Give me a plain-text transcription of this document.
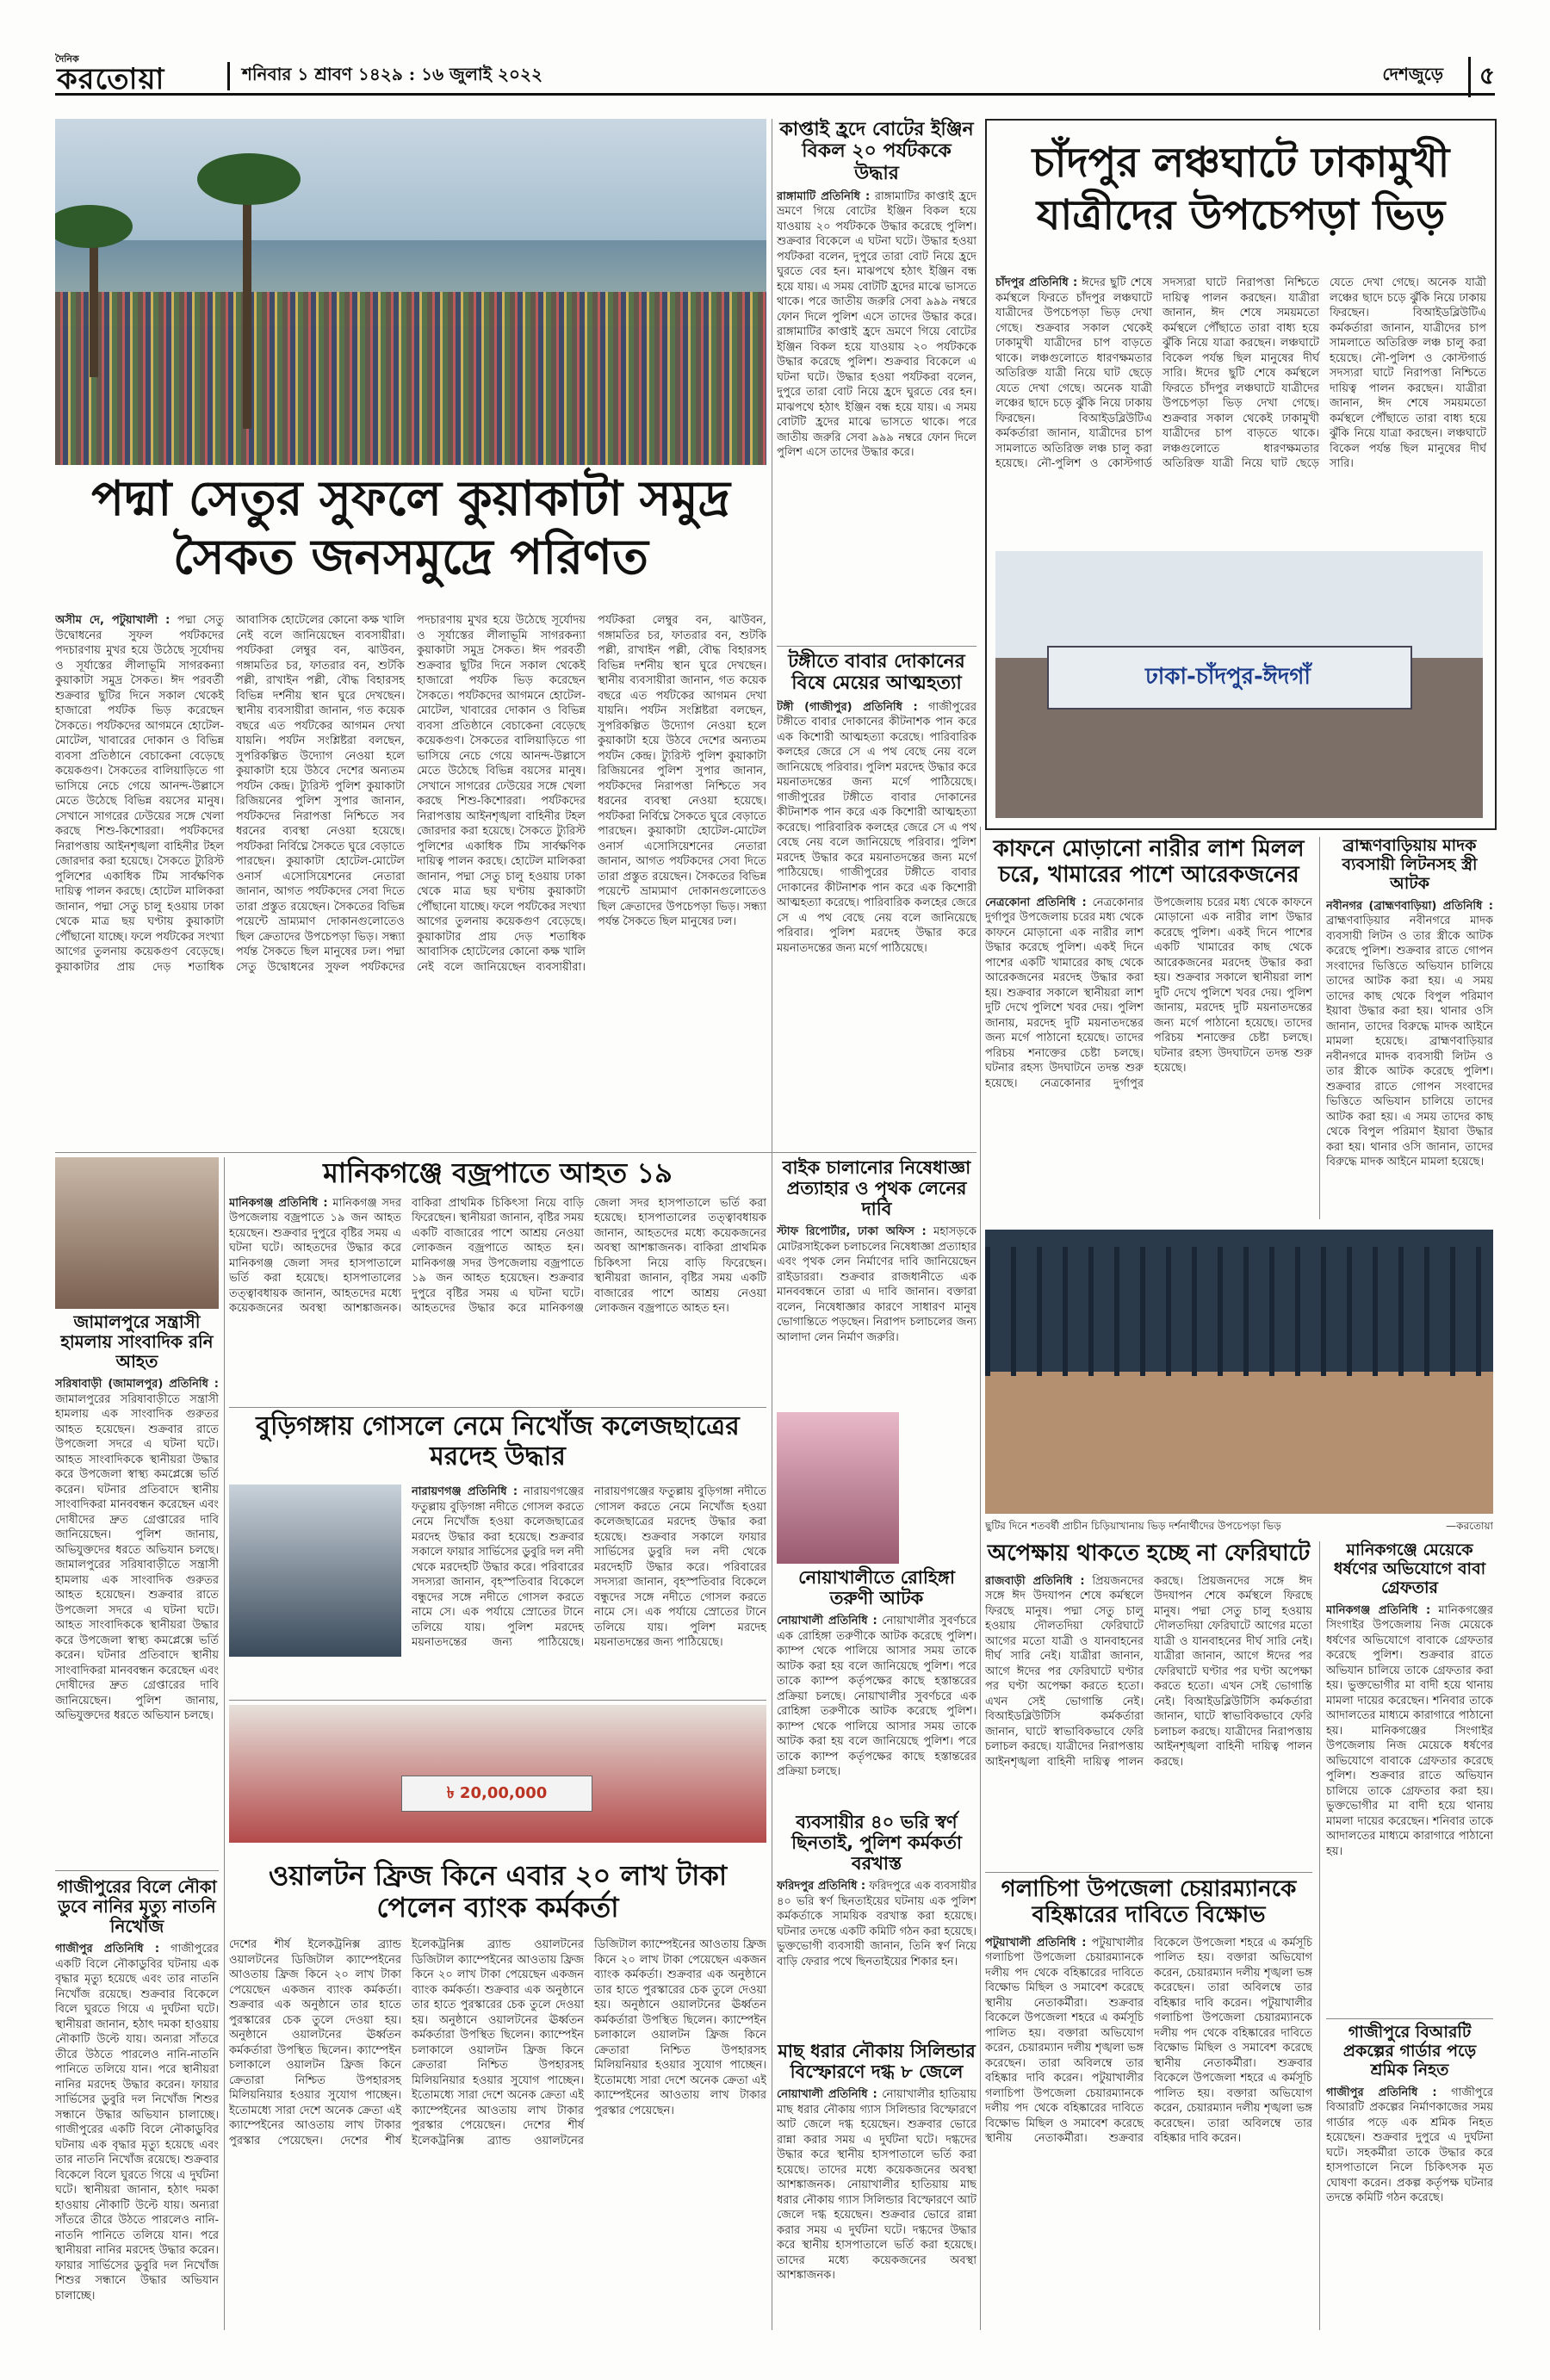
দৈনিক
করতোয়া	শনিবার ১ শ্রাবণ ১৪২৯ : ১৬ জুলাই ২০২২	দেশজুড়ে	৫
পদ্মা সেতুর সুফলে কুয়াকাটা সমুদ্র
সৈকত জনসমুদ্রে পরিণত
অসীম দে, পটুয়াখালী : পদ্মা সেতু উদ্বোধনের সুফল পর্যটকদের পদচারণায় মুখর হয়ে উঠেছে সূর্যোদয় ও সূর্যাস্তের লীলাভূমি সাগরকন্যা কুয়াকাটা সমুদ্র সৈকত। ঈদ পরবর্তী শুক্রবার ছুটির দিনে সকাল থেকেই হাজারো পর্যটক ভিড় করেছেন সৈকতে। পর্যটকদের আগমনে হোটেল-মোটেল, খাবারের দোকান ও বিভিন্ন ব্যবসা প্রতিষ্ঠানে বেচাকেনা বেড়েছে কয়েকগুণ। সৈকতের বালিয়াড়িতে গা ভাসিয়ে নেচে গেয়ে আনন্দ-উল্লাসে মেতে উঠেছে বিভিন্ন বয়সের মানুষ। সেখানে সাগরের ঢেউয়ের সঙ্গে খেলা করছে শিশু-কিশোররা। পর্যটকদের নিরাপত্তায় আইনশৃঙ্খলা বাহিনীর টহল জোরদার করা হয়েছে। সৈকতে ট্যুরিস্ট পুলিশের একাধিক টিম সার্বক্ষণিক দায়িত্ব পালন করছে। হোটেল মালিকরা জানান, পদ্মা সেতু চালু হওয়ায় ঢাকা থেকে মাত্র ছয় ঘণ্টায় কুয়াকাটা পৌঁছানো যাচ্ছে। ফলে পর্যটকের সংখ্যা আগের তুলনায় কয়েকগুণ বেড়েছে। কুয়াকাটার প্রায় দেড় শতাধিক আবাসিক হোটেলের কোনো কক্ষ খালি নেই বলে জানিয়েছেন ব্যবসায়ীরা। পর্যটকরা লেম্বুর বন, ঝাউবন, গঙ্গামতির চর, ফাতরার বন, শুটকি পল্লী, রাখাইন পল্লী, বৌদ্ধ বিহারসহ বিভিন্ন দর্শনীয় স্থান ঘুরে দেখছেন। স্থানীয় ব্যবসায়ীরা জানান, গত কয়েক বছরে এত পর্যটকের আগমন দেখা যায়নি। পর্যটন সংশ্লিষ্টরা বলছেন, সুপরিকল্পিত উদ্যোগ নেওয়া হলে কুয়াকাটা হয়ে উঠবে দেশের অন্যতম পর্যটন কেন্দ্র। ট্যুরিস্ট পুলিশ কুয়াকাটা রিজিয়নের পুলিশ সুপার জানান, পর্যটকদের নিরাপত্তা নিশ্চিতে সব ধরনের ব্যবস্থা নেওয়া হয়েছে। পর্যটকরা নির্বিঘ্নে সৈকতে ঘুরে বেড়াতে পারছেন। কুয়াকাটা হোটেল-মোটেল ওনার্স এসোসিয়েশনের নেতারা জানান, আগত পর্যটকদের সেবা দিতে তারা প্রস্তুত রয়েছেন। সৈকতের বিভিন্ন পয়েন্টে ভ্রাম্যমাণ দোকানগুলোতেও ছিল ক্রেতাদের উপচেপড়া ভিড়। সন্ধ্যা পর্যন্ত সৈকতে ছিল মানুষের ঢল। পদ্মা সেতু উদ্বোধনের সুফল পর্যটকদের পদচারণায় মুখর হয়ে উঠেছে সূর্যোদয় ও সূর্যাস্তের লীলাভূমি সাগরকন্যা কুয়াকাটা সমুদ্র সৈকত। ঈদ পরবর্তী শুক্রবার ছুটির দিনে সকাল থেকেই হাজারো পর্যটক ভিড় করেছেন সৈকতে। পর্যটকদের আগমনে হোটেল-মোটেল, খাবারের দোকান ও বিভিন্ন ব্যবসা প্রতিষ্ঠানে বেচাকেনা বেড়েছে কয়েকগুণ। সৈকতের বালিয়াড়িতে গা ভাসিয়ে নেচে গেয়ে আনন্দ-উল্লাসে মেতে উঠেছে বিভিন্ন বয়সের মানুষ। সেখানে সাগরের ঢেউয়ের সঙ্গে খেলা করছে শিশু-কিশোররা। পর্যটকদের নিরাপত্তায় আইনশৃঙ্খলা বাহিনীর টহল জোরদার করা হয়েছে। সৈকতে ট্যুরিস্ট পুলিশের একাধিক টিম সার্বক্ষণিক দায়িত্ব পালন করছে। হোটেল মালিকরা জানান, পদ্মা সেতু চালু হওয়ায় ঢাকা থেকে মাত্র ছয় ঘণ্টায় কুয়াকাটা পৌঁছানো যাচ্ছে। ফলে পর্যটকের সংখ্যা আগের তুলনায় কয়েকগুণ বেড়েছে। কুয়াকাটার প্রায় দেড় শতাধিক আবাসিক হোটেলের কোনো কক্ষ খালি নেই বলে জানিয়েছেন ব্যবসায়ীরা। পর্যটকরা লেম্বুর বন, ঝাউবন, গঙ্গামতির চর, ফাতরার বন, শুটকি পল্লী, রাখাইন পল্লী, বৌদ্ধ বিহারসহ বিভিন্ন দর্শনীয় স্থান ঘুরে দেখছেন। স্থানীয় ব্যবসায়ীরা জানান, গত কয়েক বছরে এত পর্যটকের আগমন দেখা যায়নি। পর্যটন সংশ্লিষ্টরা বলছেন, সুপরিকল্পিত উদ্যোগ নেওয়া হলে কুয়াকাটা হয়ে উঠবে দেশের অন্যতম পর্যটন কেন্দ্র। ট্যুরিস্ট পুলিশ কুয়াকাটা রিজিয়নের পুলিশ সুপার জানান, পর্যটকদের নিরাপত্তা নিশ্চিতে সব ধরনের ব্যবস্থা নেওয়া হয়েছে। পর্যটকরা নির্বিঘ্নে সৈকতে ঘুরে বেড়াতে পারছেন। কুয়াকাটা হোটেল-মোটেল ওনার্স এসোসিয়েশনের নেতারা জানান, আগত পর্যটকদের সেবা দিতে তারা প্রস্তুত রয়েছেন। সৈকতের বিভিন্ন পয়েন্টে ভ্রাম্যমাণ দোকানগুলোতেও ছিল ক্রেতাদের উপচেপড়া ভিড়। সন্ধ্যা পর্যন্ত সৈকতে ছিল মানুষের ঢল।
কাপ্তাই হ্রদে বোটের ইঞ্জিন বিকল ২০ পর্যটককে উদ্ধার
রাঙ্গামাটি প্রতিনিধি : রাঙ্গামাটির কাপ্তাই হ্রদে ভ্রমণে গিয়ে বোটের ইঞ্জিন বিকল হয়ে যাওয়ায় ২০ পর্যটককে উদ্ধার করেছে পুলিশ। শুক্রবার বিকেলে এ ঘটনা ঘটে। উদ্ধার হওয়া পর্যটকরা বলেন, দুপুরে তারা বোট নিয়ে হ্রদে ঘুরতে বের হন। মাঝপথে হঠাৎ ইঞ্জিন বন্ধ হয়ে যায়। এ সময় বোটটি হ্রদের মাঝে ভাসতে থাকে। পরে জাতীয় জরুরি সেবা ৯৯৯ নম্বরে ফোন দিলে পুলিশ এসে তাদের উদ্ধার করে। রাঙ্গামাটির কাপ্তাই হ্রদে ভ্রমণে গিয়ে বোটের ইঞ্জিন বিকল হয়ে যাওয়ায় ২০ পর্যটককে উদ্ধার করেছে পুলিশ। শুক্রবার বিকেলে এ ঘটনা ঘটে। উদ্ধার হওয়া পর্যটকরা বলেন, দুপুরে তারা বোট নিয়ে হ্রদে ঘুরতে বের হন। মাঝপথে হঠাৎ ইঞ্জিন বন্ধ হয়ে যায়। এ সময় বোটটি হ্রদের মাঝে ভাসতে থাকে। পরে জাতীয় জরুরি সেবা ৯৯৯ নম্বরে ফোন দিলে পুলিশ এসে তাদের উদ্ধার করে।
টঙ্গীতে বাবার দোকানের বিষে মেয়ের আত্মহত্যা
টঙ্গী (গাজীপুর) প্রতিনিধি : গাজীপুরের টঙ্গীতে বাবার দোকানের কীটনাশক পান করে এক কিশোরী আত্মহত্যা করেছে। পারিবারিক কলহের জেরে সে এ পথ বেছে নেয় বলে জানিয়েছে পরিবার। পুলিশ মরদেহ উদ্ধার করে ময়নাতদন্তের জন্য মর্গে পাঠিয়েছে। গাজীপুরের টঙ্গীতে বাবার দোকানের কীটনাশক পান করে এক কিশোরী আত্মহত্যা করেছে। পারিবারিক কলহের জেরে সে এ পথ বেছে নেয় বলে জানিয়েছে পরিবার। পুলিশ মরদেহ উদ্ধার করে ময়নাতদন্তের জন্য মর্গে পাঠিয়েছে। গাজীপুরের টঙ্গীতে বাবার দোকানের কীটনাশক পান করে এক কিশোরী আত্মহত্যা করেছে। পারিবারিক কলহের জেরে সে এ পথ বেছে নেয় বলে জানিয়েছে পরিবার। পুলিশ মরদেহ উদ্ধার করে ময়নাতদন্তের জন্য মর্গে পাঠিয়েছে।
চাঁদপুর লঞ্চঘাটে ঢাকামুখী
যাত্রীদের উপচেপড়া ভিড়
চাঁদপুর প্রতিনিধি : ঈদের ছুটি শেষে কর্মস্থলে ফিরতে চাঁদপুর লঞ্চঘাটে যাত্রীদের উপচেপড়া ভিড় দেখা গেছে। শুক্রবার সকাল থেকেই ঢাকামুখী যাত্রীদের চাপ বাড়তে থাকে। লঞ্চগুলোতে ধারণক্ষমতার অতিরিক্ত যাত্রী নিয়ে ঘাট ছেড়ে যেতে দেখা গেছে। অনেক যাত্রী লঞ্চের ছাদে চড়ে ঝুঁকি নিয়ে ঢাকায় ফিরছেন। বিআইডব্লিউটিএ কর্মকর্তারা জানান, যাত্রীদের চাপ সামলাতে অতিরিক্ত লঞ্চ চালু করা হয়েছে। নৌ-পুলিশ ও কোস্টগার্ড সদস্যরা ঘাটে নিরাপত্তা নিশ্চিতে দায়িত্ব পালন করছেন। যাত্রীরা জানান, ঈদ শেষে সময়মতো কর্মস্থলে পৌঁছাতে তারা বাধ্য হয়ে ঝুঁকি নিয়ে যাত্রা করছেন। লঞ্চঘাটে বিকেল পর্যন্ত ছিল মানুষের দীর্ঘ সারি। ঈদের ছুটি শেষে কর্মস্থলে ফিরতে চাঁদপুর লঞ্চঘাটে যাত্রীদের উপচেপড়া ভিড় দেখা গেছে। শুক্রবার সকাল থেকেই ঢাকামুখী যাত্রীদের চাপ বাড়তে থাকে। লঞ্চগুলোতে ধারণক্ষমতার অতিরিক্ত যাত্রী নিয়ে ঘাট ছেড়ে যেতে দেখা গেছে। অনেক যাত্রী লঞ্চের ছাদে চড়ে ঝুঁকি নিয়ে ঢাকায় ফিরছেন। বিআইডব্লিউটিএ কর্মকর্তারা জানান, যাত্রীদের চাপ সামলাতে অতিরিক্ত লঞ্চ চালু করা হয়েছে। নৌ-পুলিশ ও কোস্টগার্ড সদস্যরা ঘাটে নিরাপত্তা নিশ্চিতে দায়িত্ব পালন করছেন। যাত্রীরা জানান, ঈদ শেষে সময়মতো কর্মস্থলে পৌঁছাতে তারা বাধ্য হয়ে ঝুঁকি নিয়ে যাত্রা করছেন। লঞ্চঘাটে বিকেল পর্যন্ত ছিল মানুষের দীর্ঘ সারি।
ঢাকা-চাঁদপুর-ঈদগাঁ
জামালপুরে সন্ত্রাসী হামলায় সাংবাদিক রনি আহত
সরিষাবাড়ী (জামালপুর) প্রতিনিধি : জামালপুরের সরিষাবাড়ীতে সন্ত্রাসী হামলায় এক সাংবাদিক গুরুতর আহত হয়েছেন। শুক্রবার রাতে উপজেলা সদরে এ ঘটনা ঘটে। আহত সাংবাদিককে স্থানীয়রা উদ্ধার করে উপজেলা স্বাস্থ্য কমপ্লেক্সে ভর্তি করেন। ঘটনার প্রতিবাদে স্থানীয় সাংবাদিকরা মানববন্ধন করেছেন এবং দোষীদের দ্রুত গ্রেপ্তারের দাবি জানিয়েছেন। পুলিশ জানায়, অভিযুক্তদের ধরতে অভিযান চলছে। জামালপুরের সরিষাবাড়ীতে সন্ত্রাসী হামলায় এক সাংবাদিক গুরুতর আহত হয়েছেন। শুক্রবার রাতে উপজেলা সদরে এ ঘটনা ঘটে। আহত সাংবাদিককে স্থানীয়রা উদ্ধার করে উপজেলা স্বাস্থ্য কমপ্লেক্সে ভর্তি করেন। ঘটনার প্রতিবাদে স্থানীয় সাংবাদিকরা মানববন্ধন করেছেন এবং দোষীদের দ্রুত গ্রেপ্তারের দাবি জানিয়েছেন। পুলিশ জানায়, অভিযুক্তদের ধরতে অভিযান চলছে।
গাজীপুরের বিলে নৌকা ডুবে নানির মৃত্যু নাতনি নিখোঁজ
গাজীপুর প্রতিনিধি : গাজীপুরের একটি বিলে নৌকাডুবির ঘটনায় এক বৃদ্ধার মৃত্যু হয়েছে এবং তার নাতনি নিখোঁজ রয়েছে। শুক্রবার বিকেলে বিলে ঘুরতে গিয়ে এ দুর্ঘটনা ঘটে। স্থানীয়রা জানান, হঠাৎ দমকা হাওয়ায় নৌকাটি উল্টে যায়। অন্যরা সাঁতরে তীরে উঠতে পারলেও নানি-নাতনি পানিতে তলিয়ে যান। পরে স্থানীয়রা নানির মরদেহ উদ্ধার করেন। ফায়ার সার্ভিসের ডুবুরি দল নিখোঁজ শিশুর সন্ধানে উদ্ধার অভিযান চালাচ্ছে। গাজীপুরের একটি বিলে নৌকাডুবির ঘটনায় এক বৃদ্ধার মৃত্যু হয়েছে এবং তার নাতনি নিখোঁজ রয়েছে। শুক্রবার বিকেলে বিলে ঘুরতে গিয়ে এ দুর্ঘটনা ঘটে। স্থানীয়রা জানান, হঠাৎ দমকা হাওয়ায় নৌকাটি উল্টে যায়। অন্যরা সাঁতরে তীরে উঠতে পারলেও নানি-নাতনি পানিতে তলিয়ে যান। পরে স্থানীয়রা নানির মরদেহ উদ্ধার করেন। ফায়ার সার্ভিসের ডুবুরি দল নিখোঁজ শিশুর সন্ধানে উদ্ধার অভিযান চালাচ্ছে।
মানিকগঞ্জে বজ্রপাতে আহত ১৯
মানিকগঞ্জ প্রতিনিধি : মানিকগঞ্জ সদর উপজেলায় বজ্রপাতে ১৯ জন আহত হয়েছেন। শুক্রবার দুপুরে বৃষ্টির সময় এ ঘটনা ঘটে। আহতদের উদ্ধার করে মানিকগঞ্জ জেলা সদর হাসপাতালে ভর্তি করা হয়েছে। হাসপাতালের তত্ত্বাবধায়ক জানান, আহতদের মধ্যে কয়েকজনের অবস্থা আশঙ্কাজনক। বাকিরা প্রাথমিক চিকিৎসা নিয়ে বাড়ি ফিরেছেন। স্থানীয়রা জানান, বৃষ্টির সময় একটি বাজারের পাশে আশ্রয় নেওয়া লোকজন বজ্রপাতে আহত হন। মানিকগঞ্জ সদর উপজেলায় বজ্রপাতে ১৯ জন আহত হয়েছেন। শুক্রবার দুপুরে বৃষ্টির সময় এ ঘটনা ঘটে। আহতদের উদ্ধার করে মানিকগঞ্জ জেলা সদর হাসপাতালে ভর্তি করা হয়েছে। হাসপাতালের তত্ত্বাবধায়ক জানান, আহতদের মধ্যে কয়েকজনের অবস্থা আশঙ্কাজনক। বাকিরা প্রাথমিক চিকিৎসা নিয়ে বাড়ি ফিরেছেন। স্থানীয়রা জানান, বৃষ্টির সময় একটি বাজারের পাশে আশ্রয় নেওয়া লোকজন বজ্রপাতে আহত হন।
বুড়িগঙ্গায় গোসলে নেমে নিখোঁজ কলেজছাত্রের মরদেহ উদ্ধার
নারায়ণগঞ্জ প্রতিনিধি : নারায়ণগঞ্জের ফতুল্লায় বুড়িগঙ্গা নদীতে গোসল করতে নেমে নিখোঁজ হওয়া কলেজছাত্রের মরদেহ উদ্ধার করা হয়েছে। শুক্রবার সকালে ফায়ার সার্ভিসের ডুবুরি দল নদী থেকে মরদেহটি উদ্ধার করে। পরিবারের সদস্যরা জানান, বৃহস্পতিবার বিকেলে বন্ধুদের সঙ্গে নদীতে গোসল করতে নামে সে। এক পর্যায়ে স্রোতের টানে তলিয়ে যায়। পুলিশ মরদেহ ময়নাতদন্তের জন্য পাঠিয়েছে। নারায়ণগঞ্জের ফতুল্লায় বুড়িগঙ্গা নদীতে গোসল করতে নেমে নিখোঁজ হওয়া কলেজছাত্রের মরদেহ উদ্ধার করা হয়েছে। শুক্রবার সকালে ফায়ার সার্ভিসের ডুবুরি দল নদী থেকে মরদেহটি উদ্ধার করে। পরিবারের সদস্যরা জানান, বৃহস্পতিবার বিকেলে বন্ধুদের সঙ্গে নদীতে গোসল করতে নামে সে। এক পর্যায়ে স্রোতের টানে তলিয়ে যায়। পুলিশ মরদেহ ময়নাতদন্তের জন্য পাঠিয়েছে।
৳ 20,00,000
ওয়ালটন ফ্রিজ কিনে এবার ২০ লাখ টাকা পেলেন ব্যাংক কর্মকর্তা
দেশের শীর্ষ ইলেকট্রনিক্স ব্র্যান্ড ওয়ালটনের ডিজিটাল ক্যাম্পেইনের আওতায় ফ্রিজ কিনে ২০ লাখ টাকা পেয়েছেন একজন ব্যাংক কর্মকর্তা। শুক্রবার এক অনুষ্ঠানে তার হাতে পুরস্কারের চেক তুলে দেওয়া হয়। অনুষ্ঠানে ওয়ালটনের ঊর্ধ্বতন কর্মকর্তারা উপস্থিত ছিলেন। ক্যাম্পেইন চলাকালে ওয়ালটন ফ্রিজ কিনে ক্রেতারা নিশ্চিত উপহারসহ মিলিয়নিয়ার হওয়ার সুযোগ পাচ্ছেন। ইতোমধ্যে সারা দেশে অনেক ক্রেতা এই ক্যাম্পেইনের আওতায় লাখ টাকার পুরস্কার পেয়েছেন। দেশের শীর্ষ ইলেকট্রনিক্স ব্র্যান্ড ওয়ালটনের ডিজিটাল ক্যাম্পেইনের আওতায় ফ্রিজ কিনে ২০ লাখ টাকা পেয়েছেন একজন ব্যাংক কর্মকর্তা। শুক্রবার এক অনুষ্ঠানে তার হাতে পুরস্কারের চেক তুলে দেওয়া হয়। অনুষ্ঠানে ওয়ালটনের ঊর্ধ্বতন কর্মকর্তারা উপস্থিত ছিলেন। ক্যাম্পেইন চলাকালে ওয়ালটন ফ্রিজ কিনে ক্রেতারা নিশ্চিত উপহারসহ মিলিয়নিয়ার হওয়ার সুযোগ পাচ্ছেন। ইতোমধ্যে সারা দেশে অনেক ক্রেতা এই ক্যাম্পেইনের আওতায় লাখ টাকার পুরস্কার পেয়েছেন। দেশের শীর্ষ ইলেকট্রনিক্স ব্র্যান্ড ওয়ালটনের ডিজিটাল ক্যাম্পেইনের আওতায় ফ্রিজ কিনে ২০ লাখ টাকা পেয়েছেন একজন ব্যাংক কর্মকর্তা। শুক্রবার এক অনুষ্ঠানে তার হাতে পুরস্কারের চেক তুলে দেওয়া হয়। অনুষ্ঠানে ওয়ালটনের ঊর্ধ্বতন কর্মকর্তারা উপস্থিত ছিলেন। ক্যাম্পেইন চলাকালে ওয়ালটন ফ্রিজ কিনে ক্রেতারা নিশ্চিত উপহারসহ মিলিয়নিয়ার হওয়ার সুযোগ পাচ্ছেন। ইতোমধ্যে সারা দেশে অনেক ক্রেতা এই ক্যাম্পেইনের আওতায় লাখ টাকার পুরস্কার পেয়েছেন।
বাইক চালানোর নিষেধাজ্ঞা প্রত্যাহার ও পৃথক লেনের দাবি
স্টাফ রিপোর্টার, ঢাকা অফিস : মহাসড়কে মোটরসাইকেল চলাচলের নিষেধাজ্ঞা প্রত্যাহার এবং পৃথক লেন নির্মাণের দাবি জানিয়েছেন রাইডাররা। শুক্রবার রাজধানীতে এক মানববন্ধনে তারা এ দাবি জানান। বক্তারা বলেন, নিষেধাজ্ঞার কারণে সাধারণ মানুষ ভোগান্তিতে পড়ছেন। নিরাপদ চলাচলের জন্য আলাদা লেন নির্মাণ জরুরি।
নোয়াখালীতে রোহিঙ্গা তরুণী আটক
নোয়াখালী প্রতিনিধি : নোয়াখালীর সুবর্ণচরে এক রোহিঙ্গা তরুণীকে আটক করেছে পুলিশ। ক্যাম্প থেকে পালিয়ে আসার সময় তাকে আটক করা হয় বলে জানিয়েছে পুলিশ। পরে তাকে ক্যাম্প কর্তৃপক্ষের কাছে হস্তান্তরের প্রক্রিয়া চলছে। নোয়াখালীর সুবর্ণচরে এক রোহিঙ্গা তরুণীকে আটক করেছে পুলিশ। ক্যাম্প থেকে পালিয়ে আসার সময় তাকে আটক করা হয় বলে জানিয়েছে পুলিশ। পরে তাকে ক্যাম্প কর্তৃপক্ষের কাছে হস্তান্তরের প্রক্রিয়া চলছে।
ব্যবসায়ীর ৪০ ভরি স্বর্ণ ছিনতাই, পুলিশ কর্মকর্তা বরখাস্ত
ফরিদপুর প্রতিনিধি : ফরিদপুরে এক ব্যবসায়ীর ৪০ ভরি স্বর্ণ ছিনতাইয়ের ঘটনায় এক পুলিশ কর্মকর্তাকে সাময়িক বরখাস্ত করা হয়েছে। ঘটনার তদন্তে একটি কমিটি গঠন করা হয়েছে। ভুক্তভোগী ব্যবসায়ী জানান, তিনি স্বর্ণ নিয়ে বাড়ি ফেরার পথে ছিনতাইয়ের শিকার হন।
মাছ ধরার নৌকায় সিলিন্ডার বিস্ফোরণে দগ্ধ ৮ জেলে
নোয়াখালী প্রতিনিধি : নোয়াখালীর হাতিয়ায় মাছ ধরার নৌকায় গ্যাস সিলিন্ডার বিস্ফোরণে আট জেলে দগ্ধ হয়েছেন। শুক্রবার ভোরে রান্না করার সময় এ দুর্ঘটনা ঘটে। দগ্ধদের উদ্ধার করে স্থানীয় হাসপাতালে ভর্তি করা হয়েছে। তাদের মধ্যে কয়েকজনের অবস্থা আশঙ্কাজনক। নোয়াখালীর হাতিয়ায় মাছ ধরার নৌকায় গ্যাস সিলিন্ডার বিস্ফোরণে আট জেলে দগ্ধ হয়েছেন। শুক্রবার ভোরে রান্না করার সময় এ দুর্ঘটনা ঘটে। দগ্ধদের উদ্ধার করে স্থানীয় হাসপাতালে ভর্তি করা হয়েছে। তাদের মধ্যে কয়েকজনের অবস্থা আশঙ্কাজনক।
কাফনে মোড়ানো নারীর লাশ মিলল চরে, খামারের পাশে আরেকজনের
নেত্রকোনা প্রতিনিধি : নেত্রকোনার দুর্গাপুর উপজেলায় চরের মধ্য থেকে কাফনে মোড়ানো এক নারীর লাশ উদ্ধার করেছে পুলিশ। একই দিনে পাশের একটি খামারের কাছ থেকে আরেকজনের মরদেহ উদ্ধার করা হয়। শুক্রবার সকালে স্থানীয়রা লাশ দুটি দেখে পুলিশে খবর দেয়। পুলিশ জানায়, মরদেহ দুটি ময়নাতদন্তের জন্য মর্গে পাঠানো হয়েছে। তাদের পরিচয় শনাক্তের চেষ্টা চলছে। ঘটনার রহস্য উদঘাটনে তদন্ত শুরু হয়েছে। নেত্রকোনার দুর্গাপুর উপজেলায় চরের মধ্য থেকে কাফনে মোড়ানো এক নারীর লাশ উদ্ধার করেছে পুলিশ। একই দিনে পাশের একটি খামারের কাছ থেকে আরেকজনের মরদেহ উদ্ধার করা হয়। শুক্রবার সকালে স্থানীয়রা লাশ দুটি দেখে পুলিশে খবর দেয়। পুলিশ জানায়, মরদেহ দুটি ময়নাতদন্তের জন্য মর্গে পাঠানো হয়েছে। তাদের পরিচয় শনাক্তের চেষ্টা চলছে। ঘটনার রহস্য উদঘাটনে তদন্ত শুরু হয়েছে।
ব্রাহ্মণবাড়িয়ায় মাদক ব্যবসায়ী লিটনসহ স্ত্রী আটক
নবীনগর (ব্রাহ্মণবাড়িয়া) প্রতিনিধি : ব্রাহ্মণবাড়িয়ার নবীনগরে মাদক ব্যবসায়ী লিটন ও তার স্ত্রীকে আটক করেছে পুলিশ। শুক্রবার রাতে গোপন সংবাদের ভিত্তিতে অভিযান চালিয়ে তাদের আটক করা হয়। এ সময় তাদের কাছ থেকে বিপুল পরিমাণ ইয়াবা উদ্ধার করা হয়। থানার ওসি জানান, তাদের বিরুদ্ধে মাদক আইনে মামলা হয়েছে। ব্রাহ্মণবাড়িয়ার নবীনগরে মাদক ব্যবসায়ী লিটন ও তার স্ত্রীকে আটক করেছে পুলিশ। শুক্রবার রাতে গোপন সংবাদের ভিত্তিতে অভিযান চালিয়ে তাদের আটক করা হয়। এ সময় তাদের কাছ থেকে বিপুল পরিমাণ ইয়াবা উদ্ধার করা হয়। থানার ওসি জানান, তাদের বিরুদ্ধে মাদক আইনে মামলা হয়েছে।
ছুটির দিনে শতবর্ষী প্রাচীন চিড়িয়াখানায় ভিড় দর্শনার্থীদের উপচেপড়া ভিড়	—করতোয়া
অপেক্ষায় থাকতে হচ্ছে না ফেরিঘাটে
রাজবাড়ী প্রতিনিধি : প্রিয়জনদের সঙ্গে ঈদ উদযাপন শেষে কর্মস্থলে ফিরছে মানুষ। পদ্মা সেতু চালু হওয়ায় দৌলতদিয়া ফেরিঘাটে আগের মতো যাত্রী ও যানবাহনের দীর্ঘ সারি নেই। যাত্রীরা জানান, আগে ঈদের পর ফেরিঘাটে ঘণ্টার পর ঘণ্টা অপেক্ষা করতে হতো। এখন সেই ভোগান্তি নেই। বিআইডব্লিউটিসি কর্মকর্তারা জানান, ঘাটে স্বাভাবিকভাবে ফেরি চলাচল করছে। যাত্রীদের নিরাপত্তায় আইনশৃঙ্খলা বাহিনী দায়িত্ব পালন করছে। প্রিয়জনদের সঙ্গে ঈদ উদযাপন শেষে কর্মস্থলে ফিরছে মানুষ। পদ্মা সেতু চালু হওয়ায় দৌলতদিয়া ফেরিঘাটে আগের মতো যাত্রী ও যানবাহনের দীর্ঘ সারি নেই। যাত্রীরা জানান, আগে ঈদের পর ফেরিঘাটে ঘণ্টার পর ঘণ্টা অপেক্ষা করতে হতো। এখন সেই ভোগান্তি নেই। বিআইডব্লিউটিসি কর্মকর্তারা জানান, ঘাটে স্বাভাবিকভাবে ফেরি চলাচল করছে। যাত্রীদের নিরাপত্তায় আইনশৃঙ্খলা বাহিনী দায়িত্ব পালন করছে।
গলাচিপা উপজেলা চেয়ারম্যানকে বহিষ্কারের দাবিতে বিক্ষোভ
পটুয়াখালী প্রতিনিধি : পটুয়াখালীর গলাচিপা উপজেলা চেয়ারম্যানকে দলীয় পদ থেকে বহিষ্কারের দাবিতে বিক্ষোভ মিছিল ও সমাবেশ করেছে স্থানীয় নেতাকর্মীরা। শুক্রবার বিকেলে উপজেলা শহরে এ কর্মসূচি পালিত হয়। বক্তারা অভিযোগ করেন, চেয়ারম্যান দলীয় শৃঙ্খলা ভঙ্গ করেছেন। তারা অবিলম্বে তার বহিষ্কার দাবি করেন। পটুয়াখালীর গলাচিপা উপজেলা চেয়ারম্যানকে দলীয় পদ থেকে বহিষ্কারের দাবিতে বিক্ষোভ মিছিল ও সমাবেশ করেছে স্থানীয় নেতাকর্মীরা। শুক্রবার বিকেলে উপজেলা শহরে এ কর্মসূচি পালিত হয়। বক্তারা অভিযোগ করেন, চেয়ারম্যান দলীয় শৃঙ্খলা ভঙ্গ করেছেন। তারা অবিলম্বে তার বহিষ্কার দাবি করেন। পটুয়াখালীর গলাচিপা উপজেলা চেয়ারম্যানকে দলীয় পদ থেকে বহিষ্কারের দাবিতে বিক্ষোভ মিছিল ও সমাবেশ করেছে স্থানীয় নেতাকর্মীরা। শুক্রবার বিকেলে উপজেলা শহরে এ কর্মসূচি পালিত হয়। বক্তারা অভিযোগ করেন, চেয়ারম্যান দলীয় শৃঙ্খলা ভঙ্গ করেছেন। তারা অবিলম্বে তার বহিষ্কার দাবি করেন।
মানিকগঞ্জে মেয়েকে ধর্ষণের অভিযোগে বাবা গ্রেফতার
মানিকগঞ্জ প্রতিনিধি : মানিকগঞ্জের সিংগাইর উপজেলায় নিজ মেয়েকে ধর্ষণের অভিযোগে বাবাকে গ্রেফতার করেছে পুলিশ। শুক্রবার রাতে অভিযান চালিয়ে তাকে গ্রেফতার করা হয়। ভুক্তভোগীর মা বাদী হয়ে থানায় মামলা দায়ের করেছেন। শনিবার তাকে আদালতের মাধ্যমে কারাগারে পাঠানো হয়।	মানিকগঞ্জের সিংগাইর উপজেলায় নিজ মেয়েকে ধর্ষণের অভিযোগে বাবাকে গ্রেফতার করেছে পুলিশ। শুক্রবার রাতে অভিযান চালিয়ে তাকে গ্রেফতার করা হয়। ভুক্তভোগীর মা বাদী হয়ে থানায় মামলা দায়ের করেছেন। শনিবার তাকে আদালতের মাধ্যমে কারাগারে পাঠানো হয়।
গাজীপুরে বিআরটি প্রকল্পের গার্ডার পড়ে শ্রমিক নিহত
গাজীপুর প্রতিনিধি : গাজীপুরে বিআরটি প্রকল্পের নির্মাণকাজের সময় গার্ডার পড়ে এক শ্রমিক নিহত হয়েছেন। শুক্রবার দুপুরে এ দুর্ঘটনা ঘটে। সহকর্মীরা তাকে উদ্ধার করে হাসপাতালে নিলে চিকিৎসক মৃত ঘোষণা করেন। প্রকল্প কর্তৃপক্ষ ঘটনার তদন্তে কমিটি গঠন করেছে।
